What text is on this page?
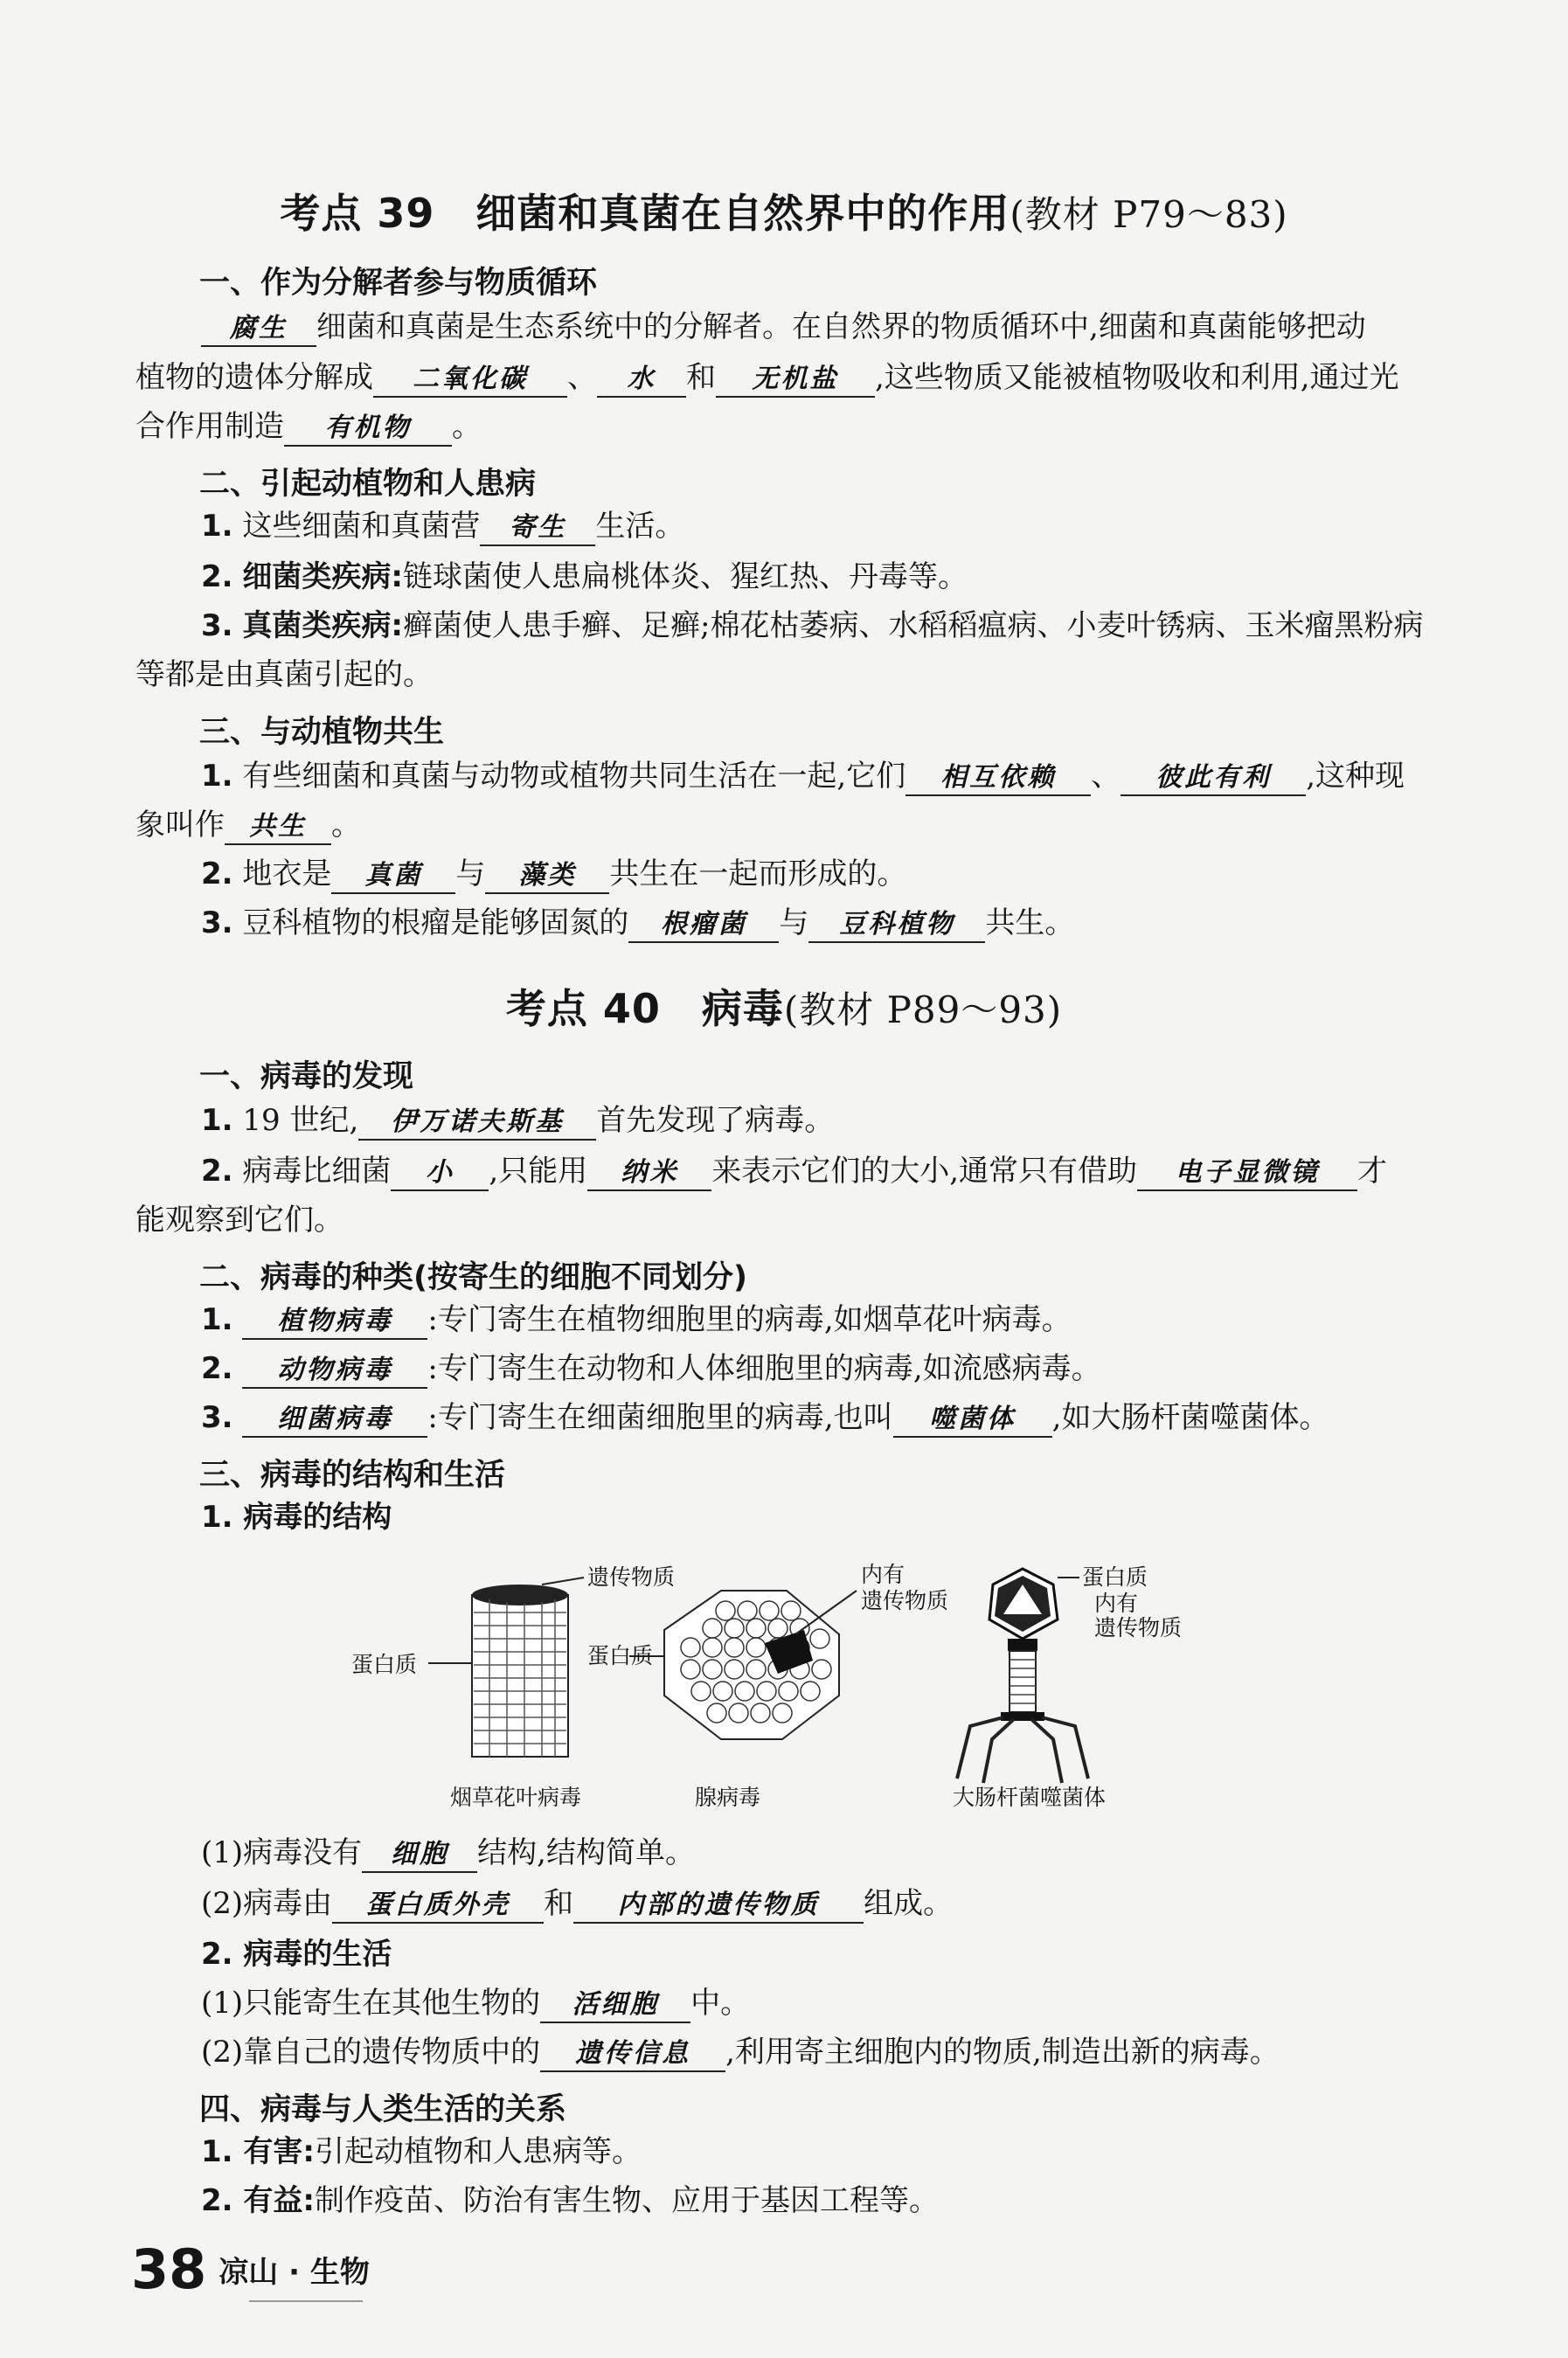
考点 39　细菌和真菌在自然界中的作用(教材 P79～83)
一、作为分解者参与物质循环
腐生 细菌和真菌是生态系统中的分解者。在自然界的物质循环中,细菌和真菌能够把动
植物的遗体分解成 二氧化碳 、 水 和 无机盐 ,这些物质又能被植物吸收和利用,通过光
合作用制造 有机物 。
二、引起动植物和人患病
1. 这些细菌和真菌营 寄生 生活。
2. 细菌类疾病:链球菌使人患扁桃体炎、猩红热、丹毒等。
3. 真菌类疾病:癣菌使人患手癣、足癣;棉花枯萎病、水稻稻瘟病、小麦叶锈病、玉米瘤黑粉病
等都是由真菌引起的。
三、与动植物共生
1. 有些细菌和真菌与动物或植物共同生活在一起,它们 相互依赖 、 彼此有利 ,这种现
象叫作 共生 。
2. 地衣是 真菌 与 藻类 共生在一起而形成的。
3. 豆科植物的根瘤是能够固氮的 根瘤菌 与 豆科植物 共生。
考点 40　病毒(教材 P89～93)
一、病毒的发现
1. 19 世纪, 伊万诺夫斯基 首先发现了病毒。
2. 病毒比细菌 小 ,只能用 纳米 来表示它们的大小,通常只有借助 电子显微镜 才
能观察到它们。
二、病毒的种类(按寄生的细胞不同划分)
1. 植物病毒 :专门寄生在植物细胞里的病毒,如烟草花叶病毒。
2. 动物病毒 :专门寄生在动物和人体细胞里的病毒,如流感病毒。
3. 细菌病毒 :专门寄生在细菌细胞里的病毒,也叫 噬菌体 ,如大肠杆菌噬菌体。
三、病毒的结构和生活
1. 病毒的结构
遗传物质
蛋白质
烟草花叶病毒
蛋白质
内有
遗传物质
腺病毒
蛋白质
内有
遗传物质
大肠杆菌噬菌体
(1)病毒没有 细胞 结构,结构简单。
(2)病毒由 蛋白质外壳 和 内部的遗传物质 组成。
2. 病毒的生活
(1)只能寄生在其他生物的 活细胞 中。
(2)靠自己的遗传物质中的 遗传信息 ,利用寄主细胞内的物质,制造出新的病毒。
四、病毒与人类生活的关系
1. 有害:引起动植物和人患病等。
2. 有益:制作疫苗、防治有害生物、应用于基因工程等。
38 凉山 · 生物
